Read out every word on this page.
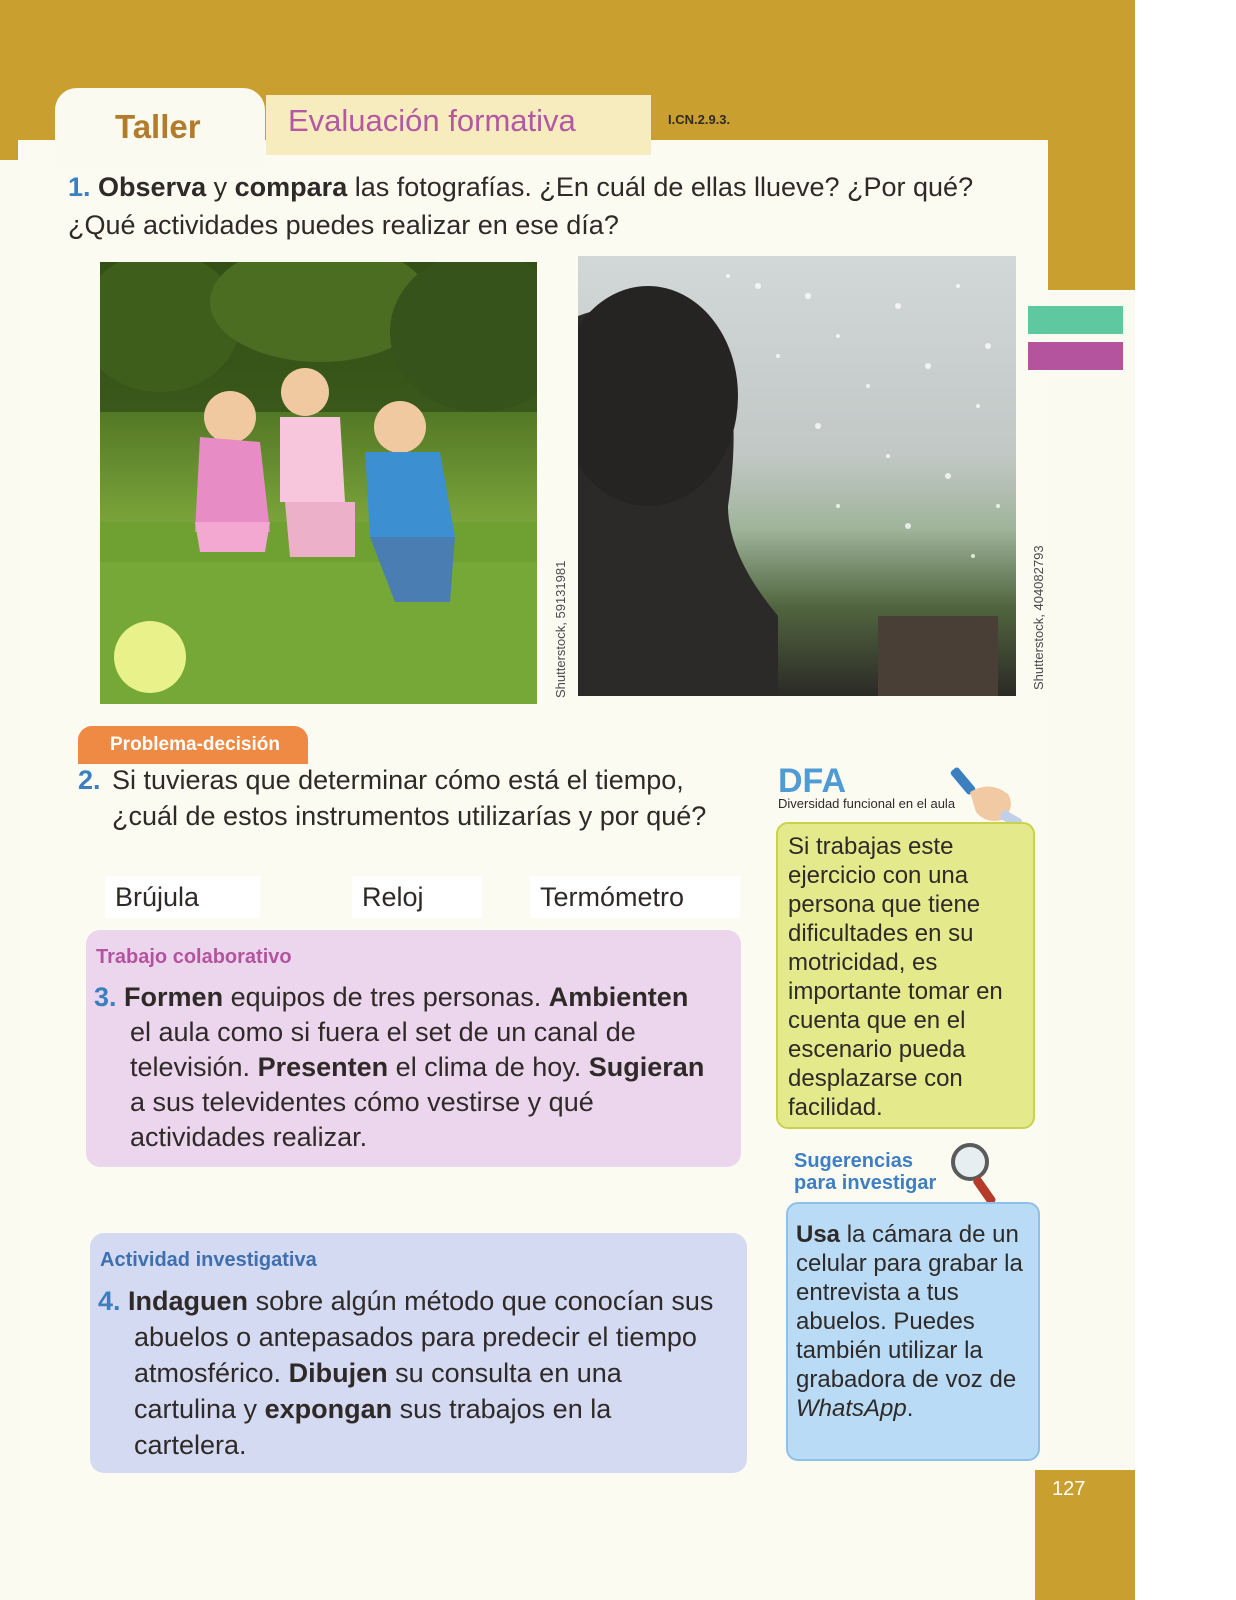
Taller	Evaluación formativa	I.CN.2.9.3.
1. Observa y compara las fotografías. ¿En cuál de ellas llueve? ¿Por qué? ¿Qué actividades puedes realizar en ese día?
Shutterstock, 59131981	Shutterstock, 404082793
Problema-decisión
2. Si tuvieras que determinar cómo está el tiempo, ¿cuál de estos instrumentos utilizarías y por qué?
Brújula	Reloj	Termómetro
Trabajo colaborativo
3. Formen equipos de tres personas. Ambienten el aula como si fuera el set de un canal de televisión. Presenten el clima de hoy. Sugieran a sus televidentes cómo vestirse y qué actividades realizar.
Actividad investigativa
4. Indaguen sobre algún método que conocían sus abuelos o antepasados para predecir el tiempo atmosférico. Dibujen su consulta en una cartulina y expongan sus trabajos en la cartelera.
DFA
Diversidad funcional en el aula
Si trabajas este ejercicio con una persona que tiene dificultades en su motricidad, es importante tomar en cuenta que en el escenario pueda desplazarse con facilidad.
Sugerencias
para investigar
Usa la cámara de un celular para grabar la entrevista a tus abuelos. Puedes también utilizar la grabadora de voz de WhatsApp.
127
